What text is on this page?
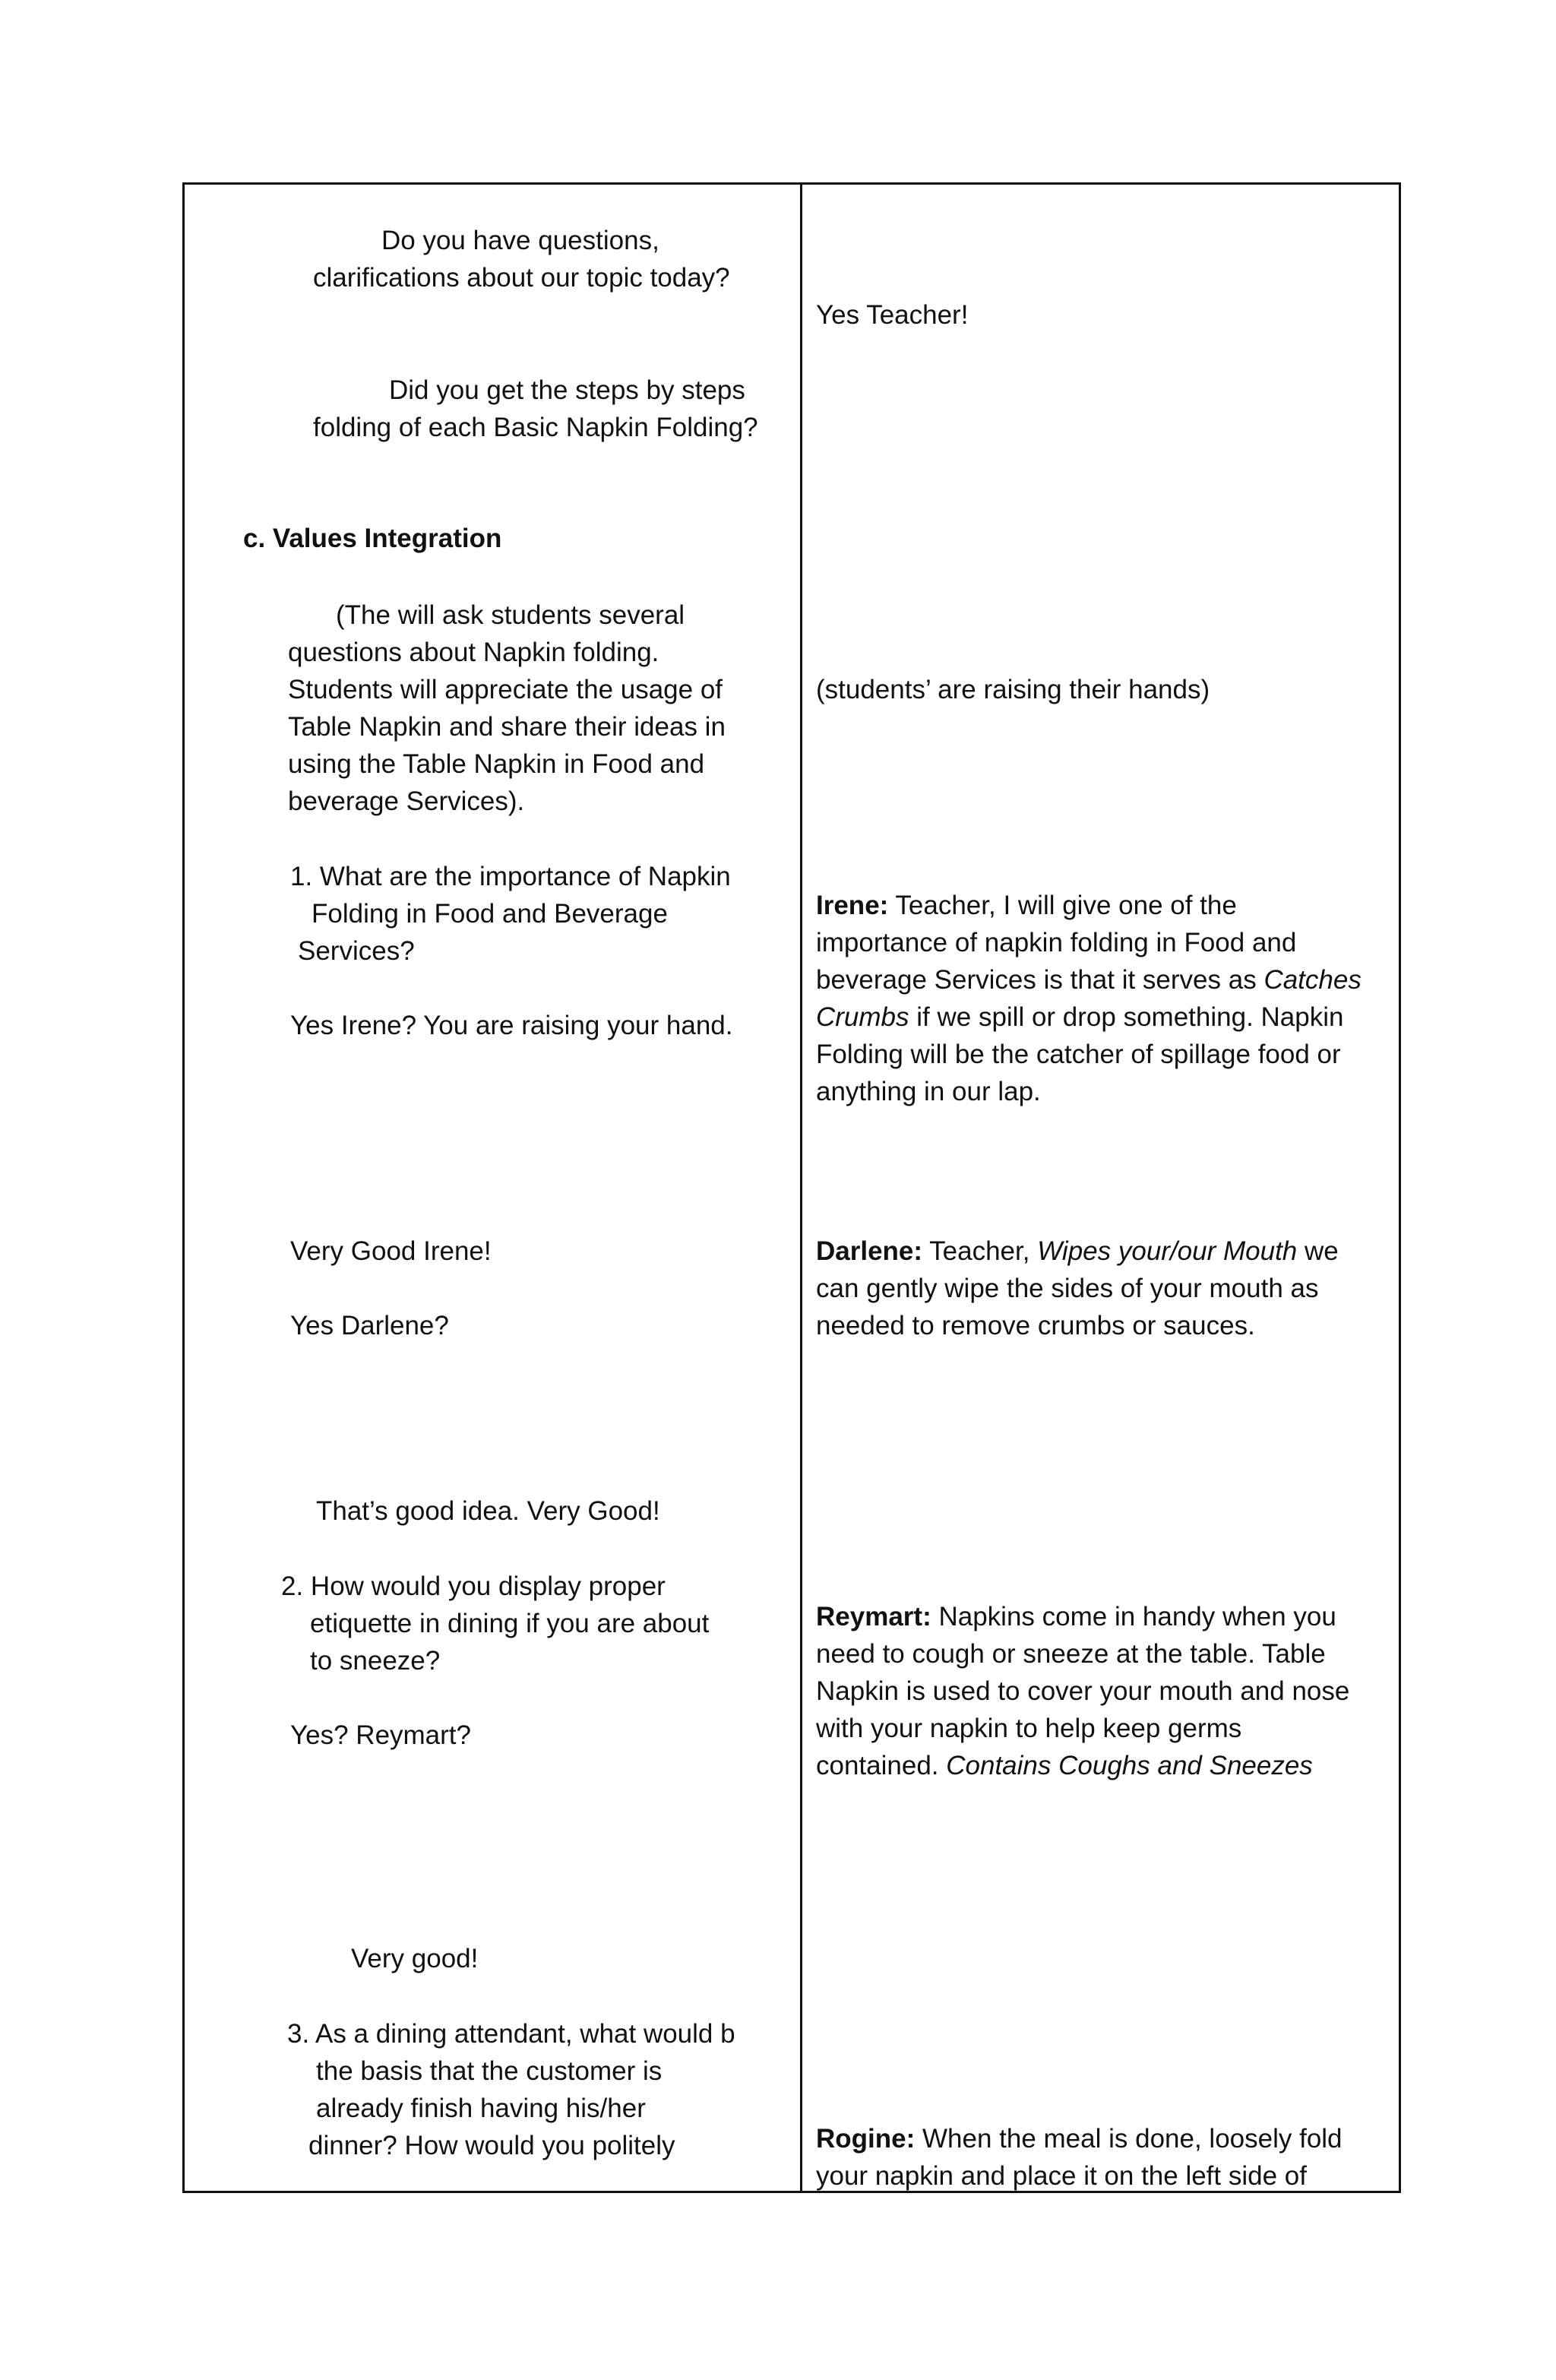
Do you have questions,
clarifications about our topic today?
Did you get the steps by steps
folding of each Basic Napkin Folding?
c. Values Integration
(The will ask students several
questions about Napkin folding.
Students will appreciate the usage of
Table Napkin and share their ideas in
using the Table Napkin in Food and
beverage Services).
1. What are the importance of Napkin
Folding in Food and Beverage
Services?
Yes Irene? You are raising your hand.
Very Good Irene!
Yes Darlene?
That’s good idea. Very Good!
2. How would you display proper
etiquette in dining if you are about
to sneeze?
Yes? Reymart?
Very good!
3. As a dining attendant, what would b
the basis that the customer is
already finish having his/her
dinner? How would you politely
Yes Teacher!
(students’ are raising their hands)
Irene: Teacher, I will give one of the
importance of napkin folding in Food and
beverage Services is that it serves as Catches
Crumbs if we spill or drop something. Napkin
Folding will be the catcher of spillage food or
anything in our lap.
Darlene: Teacher, Wipes your/our Mouth we
can gently wipe the sides of your mouth as
needed to remove crumbs or sauces.
Reymart: Napkins come in handy when you
need to cough or sneeze at the table. Table
Napkin is used to cover your mouth and nose
with your napkin to help keep germs
contained. Contains Coughs and Sneezes
Rogine: When the meal is done, loosely fold
your napkin and place it on the left side of
